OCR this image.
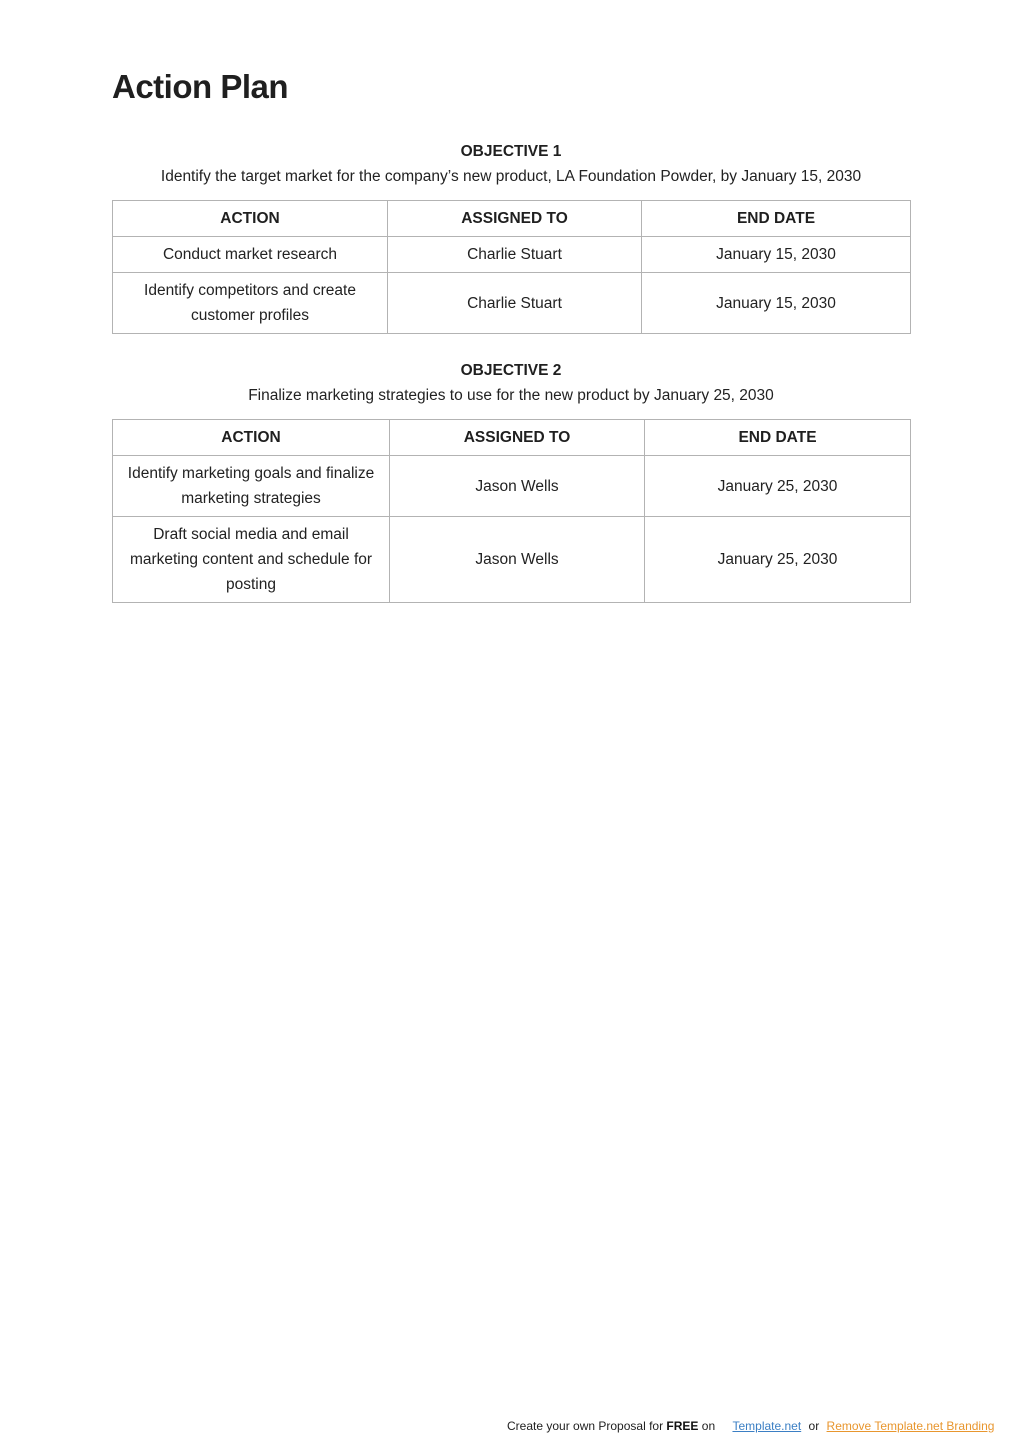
Action Plan
OBJECTIVE 1
Identify the target market for the company’s new product, LA Foundation Powder, by January 15, 2030
ACTION	ASSIGNED TO	END DATE
Conduct market research	Charlie Stuart	January 15, 2030
Identify competitors and create customer profiles	Charlie Stuart	January 15, 2030
OBJECTIVE 2
Finalize marketing strategies to use for the new product by January 25, 2030
ACTION	ASSIGNED TO	END DATE
Identify marketing goals and finalize marketing strategies	Jason Wells	January 25, 2030
Draft social media and email marketing content and schedule for posting	Jason Wells	January 25, 2030
Create your own Proposal for FREE on Template.net or Remove Template.net Branding
